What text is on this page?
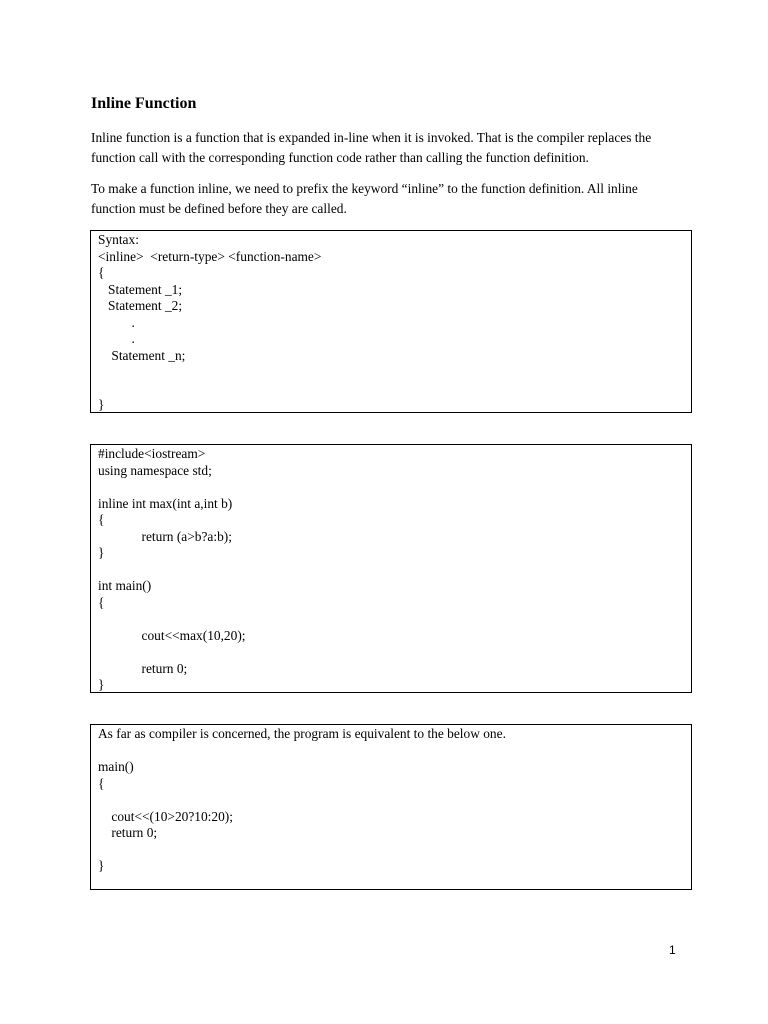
Inline Function

Inline function is a function that is expanded in-line when it is invoked. That is the compiler replaces the
function call with the corresponding function code rather than calling the function definition.

To make a function inline, we need to prefix the keyword “inline” to the function definition. All inline
function must be defined before they are called.

Syntax:
<inline>  <return-type> <function-name>
{
Statement _1;
Statement _2;
.
.
Statement _n;
}
#include<iostream>
using namespace std;
inline int max(int a,int b)
{
return (a>b?a:b);
}
int main()
{
cout<<max(10,20);
return 0;
}
As far as compiler is concerned, the program is equivalent to the below one.
main()
{
cout<<(10>20?10:20);
return 0;
}
1
